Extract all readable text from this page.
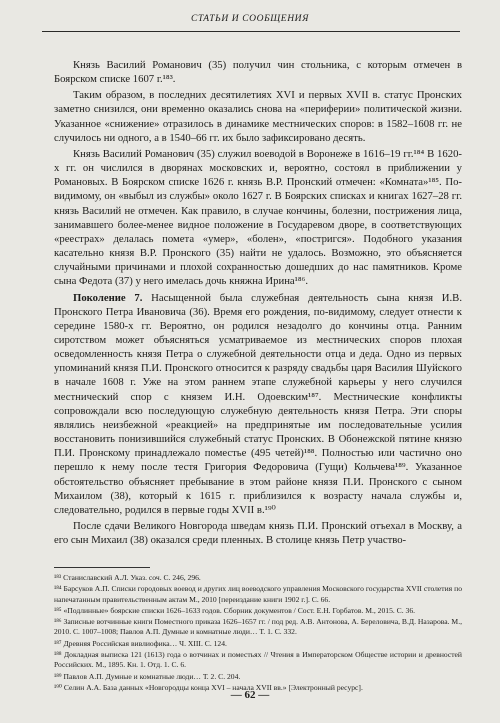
СТАТЬИ И СООБЩЕНИЯ

Князь Василий Романович (35) получил чин стольника, с которым отмечен в Боярском списке 1607 г.¹⁸³.

Таким образом, в последних десятилетиях XVI и первых XVII в. статус Пронских заметно снизился, они временно оказались снова на «периферии» политической жизни. Указанное «снижение» отразилось в динамике местнических споров: в 1582–1608 гг. не случилось ни одного, а в 1540–66 гг. их было зафиксировано десять.

Князь Василий Романович (35) служил воеводой в Воронеже в 1616–19 гг.¹⁸⁴ В 1620-х гг. он числился в дворянах московских и, вероятно, состоял в приближении у Романовых. В Боярском списке 1626 г. князь В.Р. Пронский отмечен: «Комната»¹⁸⁵. По-видимому, он «выбыл из службы» около 1627 г. В Боярских списках и книгах 1627–28 гг. князь Василий не отмечен. Как правило, в случае кончины, болезни, пострижения лица, занимавшего более-менее видное положение в Государевом дворе, в соответствующих «реестрах» делалась помета «умер», «болен», «постригся». Подобного указания касательно князя В.Р. Пронского (35) найти не удалось. Возможно, это объясняется случайными причинами и плохой сохранностью дошедших до нас памятников. Кроме сына Федота (37) у него имелась дочь княжна Ирина¹⁸⁶.

Поколение 7. Насыщенной была служебная деятельность сына князя И.В. Пронского Петра Ивановича (36). Время его рождения, по-видимому, следует отнести к середине 1580-х гг. Вероятно, он родился незадолго до кончины отца. Ранним сиротством может объясняться усматриваемое из местнических споров плохая осведомленность князя Петра о служебной деятельности отца и деда. Одно из первых упоминаний князя П.И. Пронского относится к разряду свадьбы царя Василия Шуйского в начале 1608 г. Уже на этом раннем этапе служебной карьеры у него случился местнический спор с князем И.Н. Одоевским¹⁸⁷. Местнические конфликты сопровождали всю последующую служебную деятельность князя Петра. Эти споры являлись неизбежной «реакцией» на предпринятые им последовательные усилия восстановить понизившийся служебный статус Пронских. В Обонежской пятине князю П.И. Пронскому принадлежало поместье (495 четей)¹⁸⁸. Полностью или частично оно перешло к нему после тестя Григория Федоровича (Гущи) Кольчева¹⁸⁹. Указанное обстоятельство объясняет пребывание в этом районе князя П.И. Пронского с сыном Михаилом (38), который к 1615 г. приблизился к возрасту начала службы и, следовательно, родился в первые годы XVII в.¹⁹⁰

После сдачи Великого Новгорода шведам князь П.И. Пронский отъехал в Москву, а его сын Михаил (38) оказался среди пленных. В столице князь Петр участво-

¹⁸³ Станиславский А.Л. Указ. соч. С. 246, 296.
¹⁸⁴ Барсуков А.П. Списки городовых воевод и других лиц воеводского управления Московского государства XVII столетия по напечатанным правительственным актам М., 2010 [переиздание книги 1902 г.]. С. 66.
¹⁸⁵ «Подлинные» боярские списки 1626–1633 годов. Сборник документов / Сост. Е.Н. Горбатов. М., 2015. С. 36.
¹⁸⁶ Записные вотчинные книги Поместного приказа 1626–1657 гг. / под ред. А.В. Антонова, А. Береловича, В.Д. Назарова. М., 2010. С. 1007–1008; Павлов А.П. Думные и комнатные люди… Т. 1. С. 332.
¹⁸⁷ Древняя Российская вивлиофика… Ч. XIII. С. 124.
¹⁸⁸ Докладная выписка 121 (1613) года о вотчинах и поместьях // Чтения в Императорском Обществе истории и древностей Российских. М., 1895. Кн. 1. Отд. 1. С. 6.
¹⁸⁹ Павлов А.П. Думные и комнатные люди… Т. 2. С. 204.
¹⁹⁰ Селин А.А. База данных «Новгородцы конца XVI – начала XVII вв.» [Электронный ресурс].
— 62 —
